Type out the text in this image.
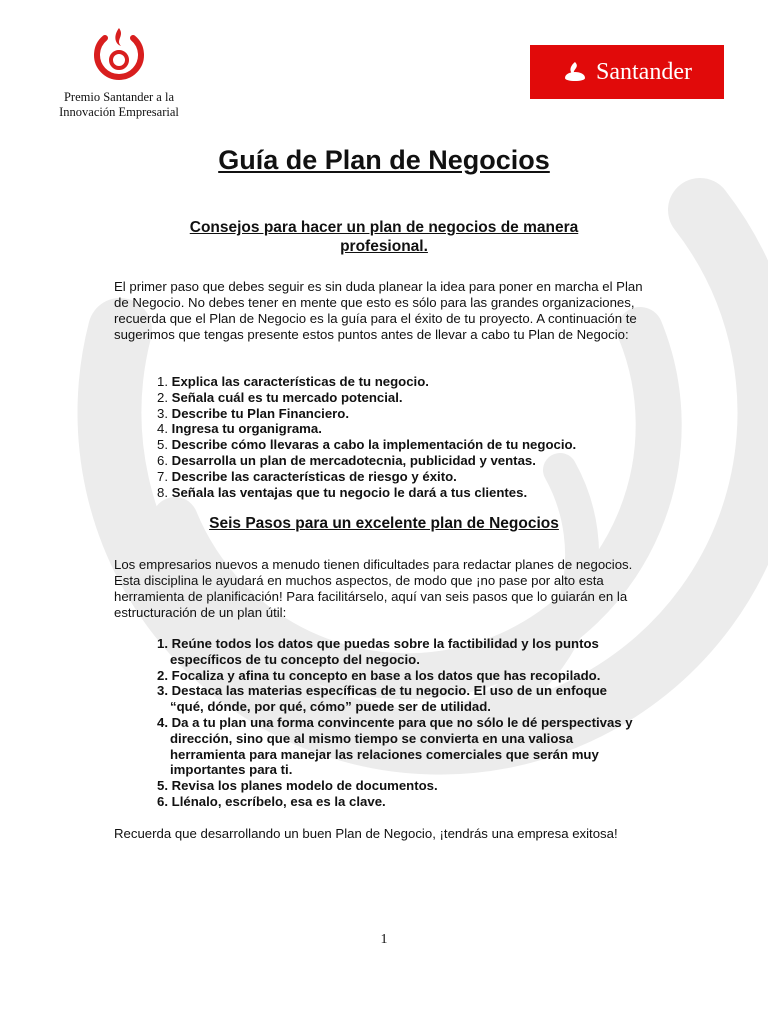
Premio Santander a la
Innovación Empresarial
Santander
Guía de Plan de Negocios
Consejos para hacer un plan de negocios de manera profesional.

El primer paso que debes seguir es sin duda planear la idea para poner en marcha el Plan de Negocio. No debes tener en mente que esto es sólo para las grandes organizaciones, recuerda que el Plan de Negocio es la guía para el éxito de tu proyecto. A continuación te sugerimos que tengas presente estos puntos antes de llevar a cabo tu Plan de Negocio:

1. Explica las características de tu negocio.
2. Señala cuál es tu mercado potencial.
3. Describe tu Plan Financiero.
4. Ingresa tu organigrama.
5. Describe cómo llevaras a cabo la implementación de tu negocio.
6. Desarrolla un plan de mercadotecnia, publicidad y ventas.
7. Describe las características de riesgo y éxito.
8. Señala las ventajas que tu negocio le dará a tus clientes.
Seis Pasos para un excelente plan de Negocios

Los empresarios nuevos a menudo tienen dificultades para redactar planes de negocios. Esta disciplina le ayudará en muchos aspectos, de modo que ¡no pase por alto esta herramienta de planificación! Para facilitárselo, aquí van seis pasos que lo guiarán en la estructuración de un plan útil:

1. Reúne todos los datos que puedas sobre la factibilidad y los puntos específicos de tu concepto del negocio.
2. Focaliza y afina tu concepto en base a los datos que has recopilado.
3. Destaca las materias específicas de tu negocio. El uso de un enfoque “qué, dónde, por qué, cómo” puede ser de utilidad.
4. Da a tu plan una forma convincente para que no sólo le dé perspectivas y dirección, sino que al mismo tiempo se convierta en una valiosa herramienta para manejar las relaciones comerciales que serán muy importantes para ti.
5. Revisa los planes modelo de documentos.
6. Llénalo, escríbelo, esa es la clave.

Recuerda que desarrollando un buen Plan de Negocio, ¡tendrás una empresa exitosa!

1
